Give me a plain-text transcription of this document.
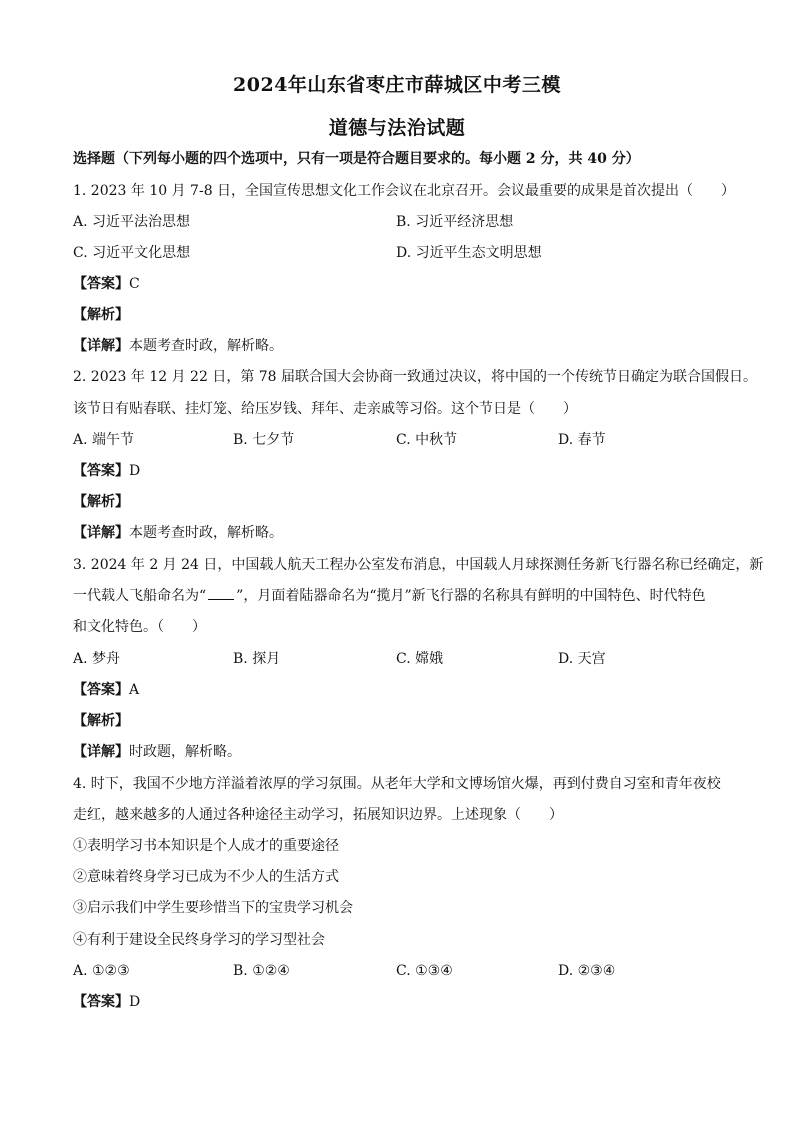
2024年山东省枣庄市薛城区中考三模
道德与法治试题
选择题（下列每小题的四个选项中，只有一项是符合题目要求的。每小题 2 分，共 40 分）
1. 2023 年 10 月 7-8 日，全国宣传思想文化工作会议在北京召开。会议最重要的成果是首次提出（　　）
A. 习近平法治思想	B. 习近平经济思想
C. 习近平文化思想	D. 习近平生态文明思想
【答案】C
【解析】
【详解】本题考查时政，解析略。
2. 2023 年 12 月 22 日，第 78 届联合国大会协商一致通过决议，将中国的一个传统节日确定为联合国假日。
该节日有贴春联、挂灯笼、给压岁钱、拜年、走亲戚等习俗。这个节日是（　　）
A. 端午节	B. 七夕节	C. 中秋节	D. 春节
【答案】D
【解析】
【详解】本题考查时政，解析略。
3. 2024 年 2 月 24 日，中国载人航天工程办公室发布消息，中国载人月球探测任务新飞行器名称已经确定，新
一代载人飞船命名为“ ”，月面着陆器命名为“揽月”新飞行器的名称具有鲜明的中国特色、时代特色
和文化特色。（　　）
A. 梦舟	B. 探月	C. 嫦娥	D. 天宫
【答案】A
【解析】
【详解】时政题，解析略。
4. 时下，我国不少地方洋溢着浓厚的学习氛围。从老年大学和文博场馆火爆，再到付费自习室和青年夜校
走红，越来越多的人通过各种途径主动学习，拓展知识边界。上述现象（　　）
①表明学习书本知识是个人成才的重要途径
②意味着终身学习已成为不少人的生活方式
③启示我们中学生要珍惜当下的宝贵学习机会
④有利于建设全民终身学习的学习型社会
A. ①②③	B. ①②④	C. ①③④	D. ②③④
【答案】D
